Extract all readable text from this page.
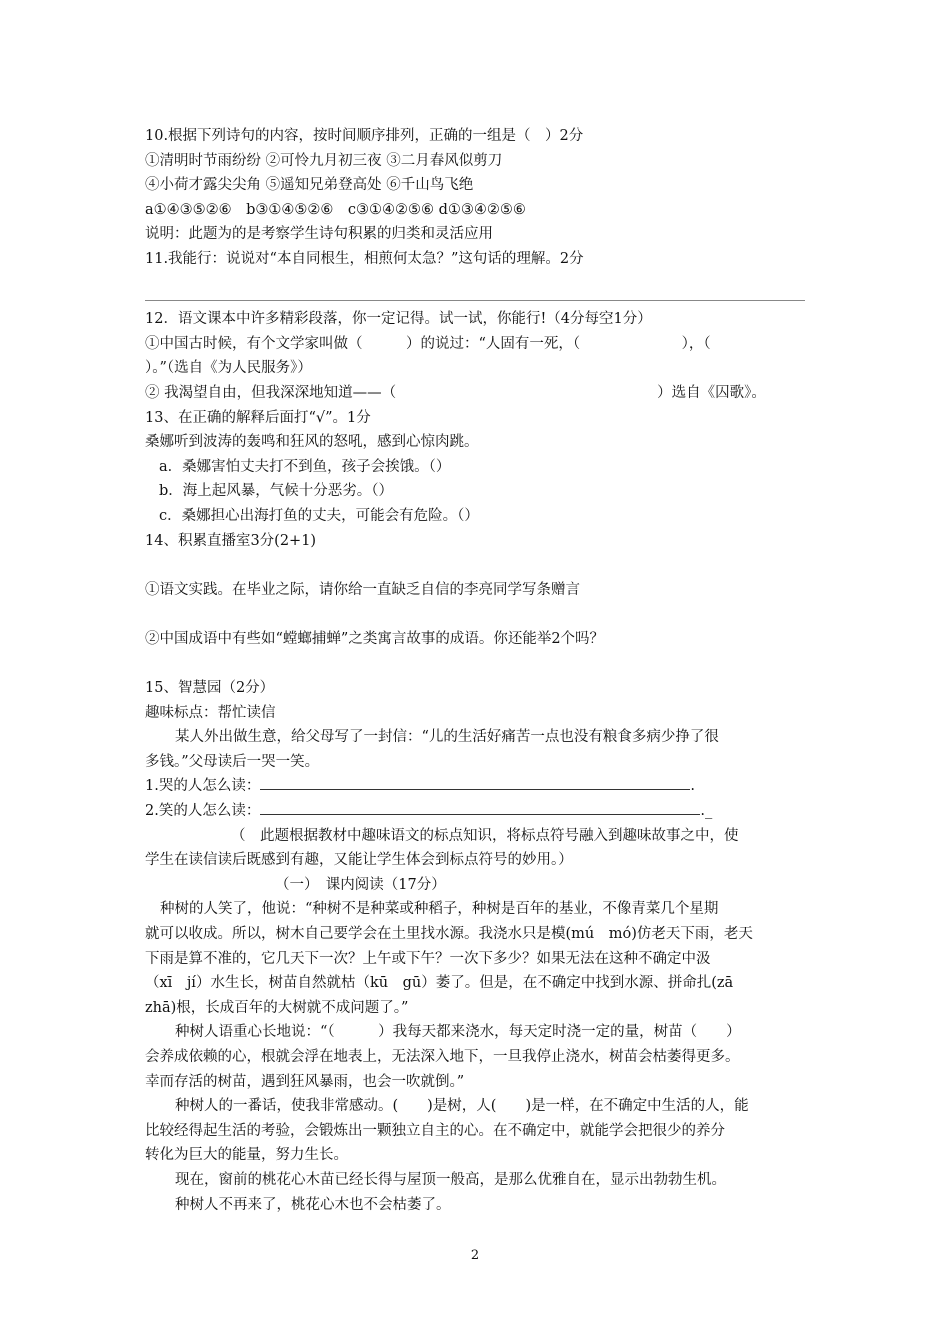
10.根据下列诗句的内容，按时间顺序排列，正确的一组是（　）2分
①清明时节雨纷纷 ②可怜九月初三夜 ③二月春风似剪刀
④小荷才露尖尖角 ⑤遥知兄弟登高处 ⑥千山鸟飞绝
a①④③⑤②⑥　b③①④⑤②⑥　c③①④②⑤⑥ d①③④②⑤⑥
说明：此题为的是考察学生诗句积累的归类和灵活应用
11.我能行：说说对“本自同根生，相煎何太急？”这句话的理解。2分
12．语文课本中许多精彩段落，你一定记得。试一试，你能行!（4分每空1分）
①中国古时候，有个文学家叫做（　　　）的说过：“人固有一死，（　　　　　　　），（
）。”（选自《为人民服务》）
② 我渴望自由，但我深深地知道——（　　　　　　　　　　　　　　　　　　）选自《囚歌》。
13、在正确的解释后面打“√”。1分
桑娜听到波涛的轰鸣和狂风的怒吼，感到心惊肉跳。
a．桑娜害怕丈夫打不到鱼，孩子会挨饿。（）
b．海上起风暴，气候十分恶劣。（）
c．桑娜担心出海打鱼的丈夫，可能会有危险。（）
14、积累直播室3分(2+1)
①语文实践。在毕业之际，请你给一直缺乏自信的李亮同学写条赠言
②中国成语中有些如“螳螂捕蝉”之类寓言故事的成语。你还能举2个吗？
15、智慧园（2分）
趣味标点：帮忙读信
某人外出做生意，给父母写了一封信：“儿的生活好痛苦一点也没有粮食多病少挣了很
多钱。”父母读后一哭一笑。
1.哭的人怎么读：	.
2.笑的人怎么读：	._
（　此题根据教材中趣味语文的标点知识，将标点符号融入到趣味故事之中，使
学生在读信读后既感到有趣，又能让学生体会到标点符号的妙用。）
（一）　课内阅读（17分）
种树的人笑了，他说：“种树不是种菜或种稻子，种树是百年的基业，不像青菜几个星期
就可以收成。所以，树木自己要学会在土里找水源。我浇水只是模(mú　mó)仿老天下雨，老天
下雨是算不准的，它几天下一次？上午或下午？一次下多少？如果无法在这种不确定中汲
（xī　jí）水生长，树苗自然就枯（kū　gū）萎了。但是，在不确定中找到水源、拼命扎(zā
zhā)根，长成百年的大树就不成问题了。”
种树人语重心长地说：“（　　　）我每天都来浇水，每天定时浇一定的量，树苗（　　）
会养成依赖的心，根就会浮在地表上，无法深入地下，一旦我停止浇水，树苗会枯萎得更多。
幸而存活的树苗，遇到狂风暴雨，也会一吹就倒。”
种树人的一番话，使我非常感动。(　　)是树，人(　　)是一样，在不确定中生活的人，能
比较经得起生活的考验，会锻炼出一颗独立自主的心。在不确定中，就能学会把很少的养分
转化为巨大的能量，努力生长。
现在，窗前的桃花心木苗已经长得与屋顶一般高，是那么优雅自在，显示出勃勃生机。
种树人不再来了，桃花心木也不会枯萎了。
2
